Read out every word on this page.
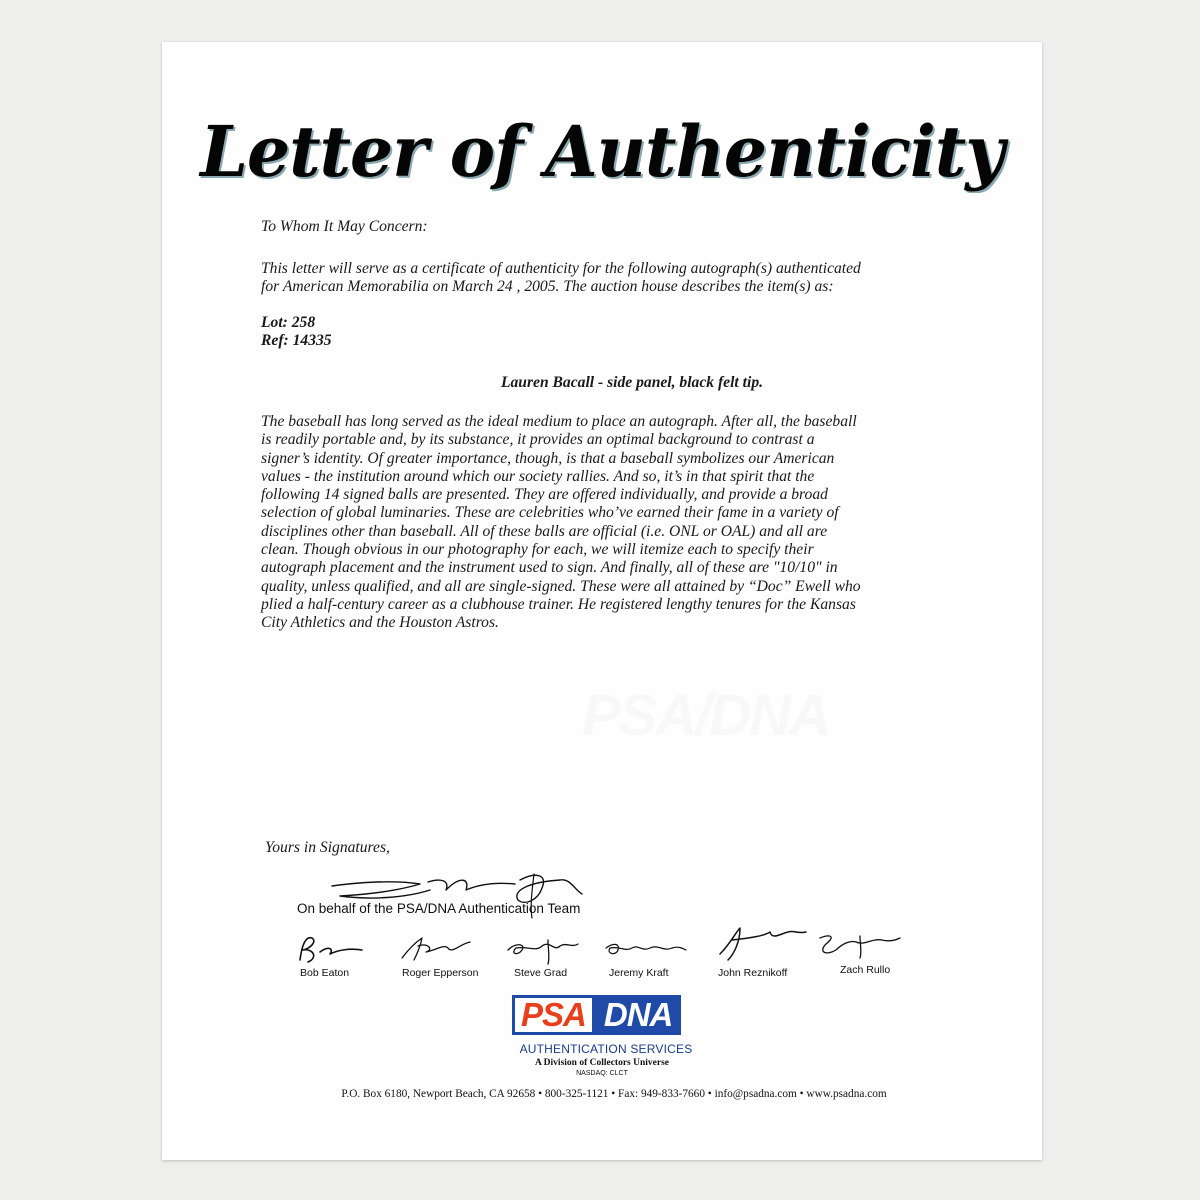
Letter of Authenticity
To Whom It May Concern:
This letter will serve as a certificate of authenticity for the following autograph(s) authenticated
for American Memorabilia on March 24 , 2005. The auction house describes the item(s) as:
Lot: 258
Ref: 14335
Lauren Bacall - side panel, black felt tip.
The baseball has long served as the ideal medium to place an autograph. After all, the baseball
is readily portable and, by its substance, it provides an optimal background to contrast a
signer’s identity. Of greater importance, though, is that a baseball symbolizes our American
values - the institution around which our society rallies. And so, it’s in that spirit that the
following 14 signed balls are presented. They are offered individually, and provide a broad
selection of global luminaries. These are celebrities who’ve earned their fame in a variety of
disciplines other than baseball. All of these balls are official (i.e. ONL or OAL) and all are
clean. Though obvious in our photography for each, we will itemize each to specify their
autograph placement and the instrument used to sign. And finally, all of these are "10/10" in
quality, unless qualified, and all are single-signed. These were all attained by “Doc” Ewell who
plied a half-century career as a clubhouse trainer. He registered lengthy tenures for the Kansas
City Athletics and the Houston Astros.
Yours in Signatures,
On behalf of the PSA/DNA Authentication Team
Bob Eaton	Roger Epperson	Steve Grad	Jeremy Kraft	John Reznikoff	Zach Rullo
PSA DNA
AUTHENTICATION SERVICES
A Division of Collectors Universe
NASDAQ: CLCT
P.O. Box 6180, Newport Beach, CA 92658 • 800-325-1121 • Fax: 949-833-7660 • info@psadna.com • www.psadna.com
